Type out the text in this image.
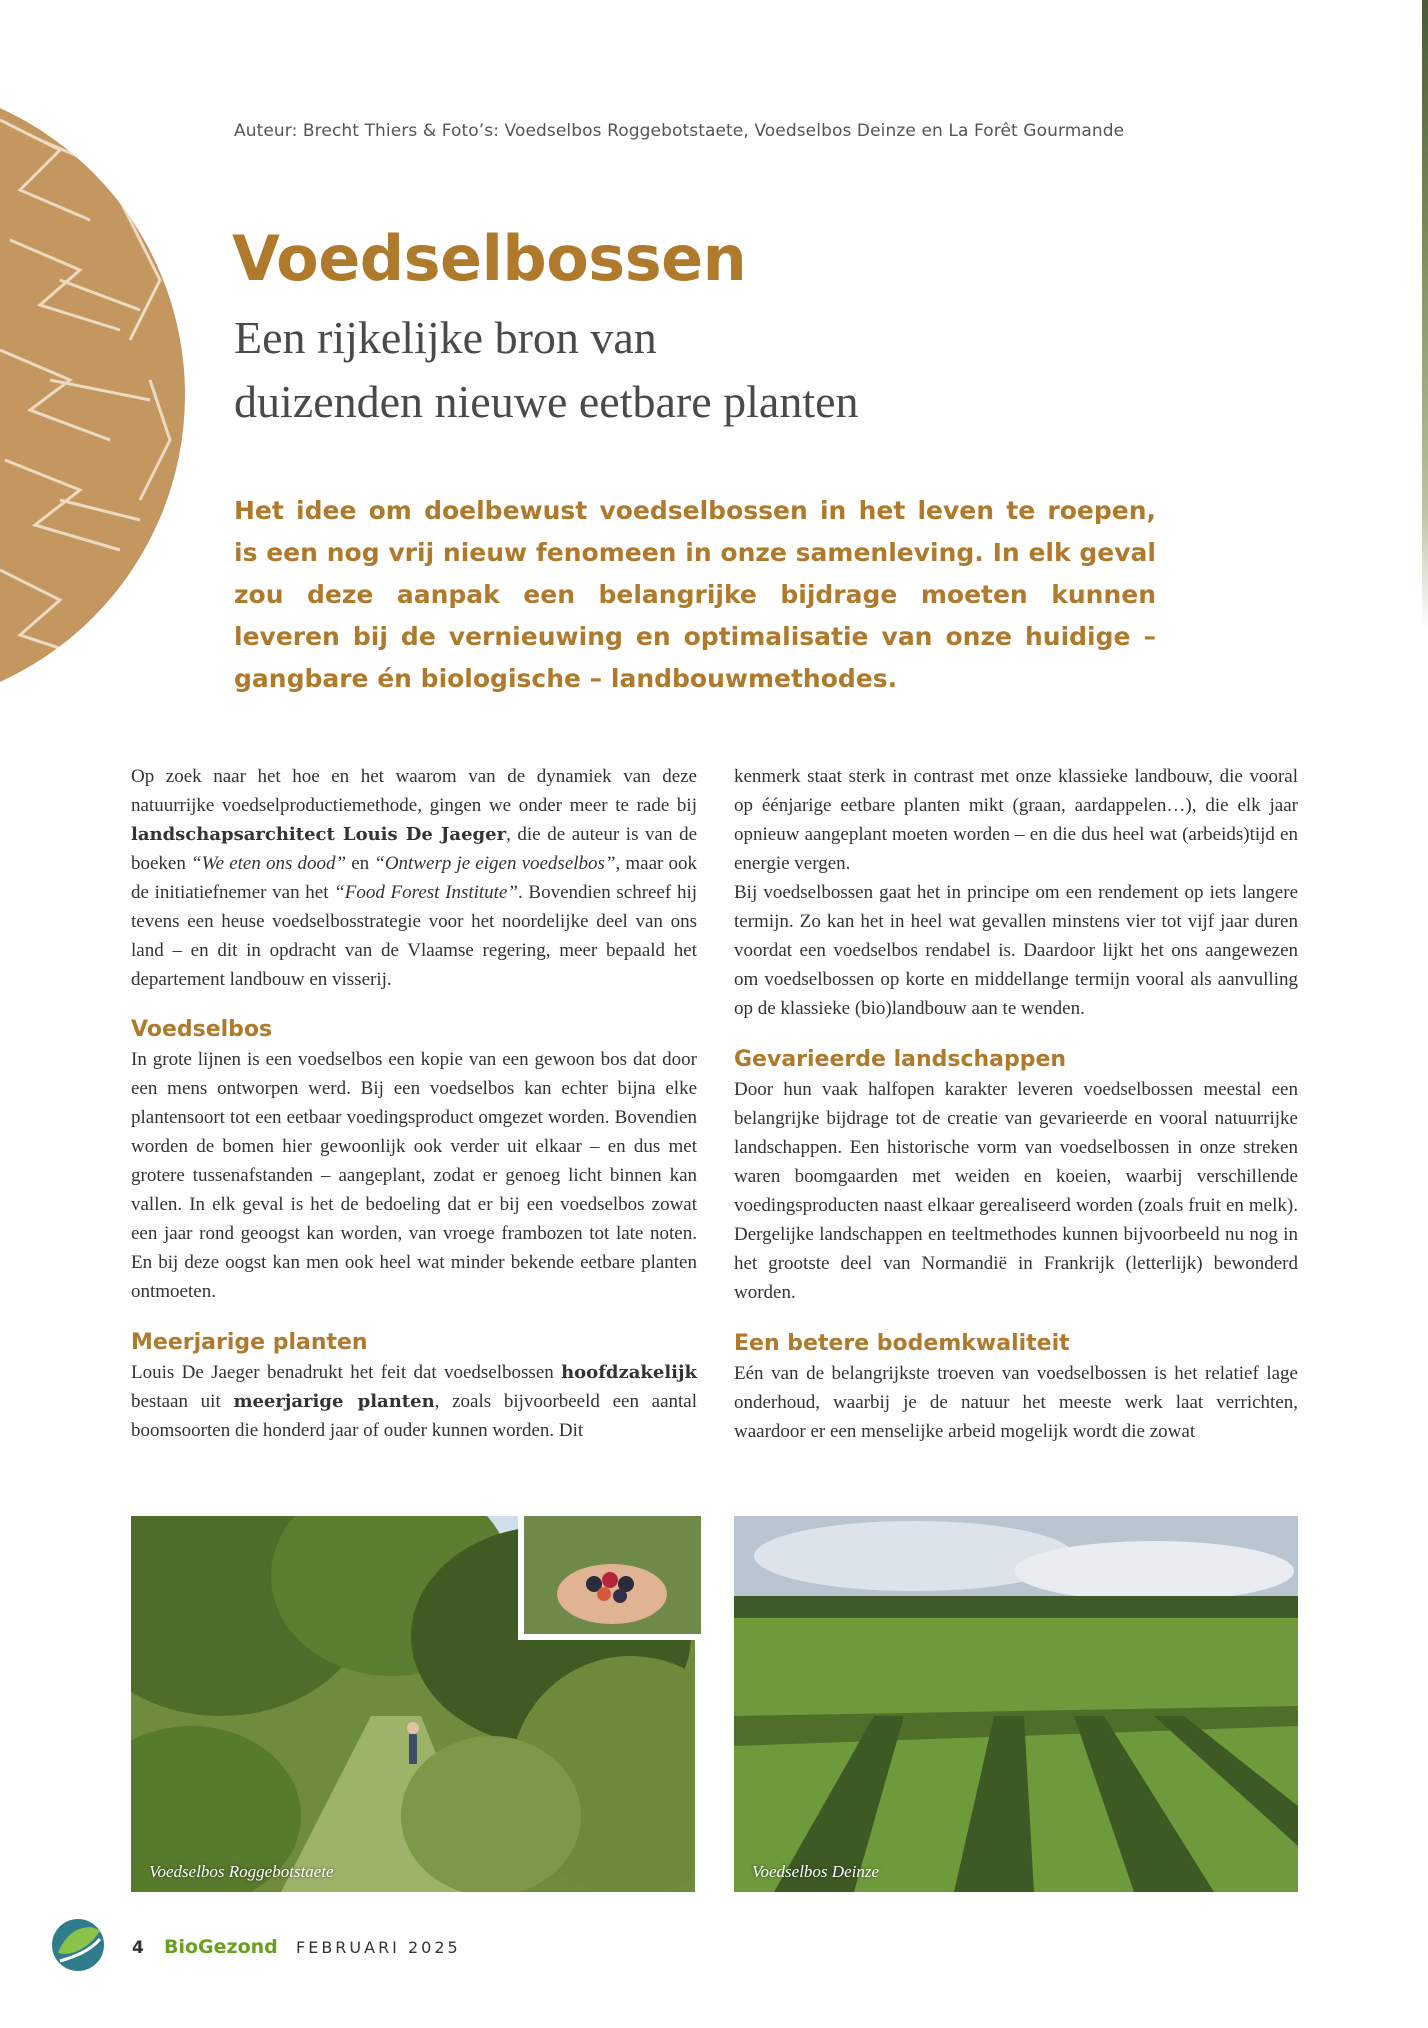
Auteur: Brecht Thiers & Foto’s: Voedselbos Roggebotstaete, Voedselbos Deinze en La Forêt Gourmande
Voedselbossen
Een rijkelijke bron van
duizenden nieuwe eetbare planten

Het idee om doelbewust voedselbossen in het leven te roepen, is een nog vrij nieuw fenomeen in onze samenleving. In elk geval zou deze aanpak een belangrijke bijdrage moeten kunnen leveren bij de vernieuwing en optimalisatie van onze huidige – gangbare én biologische – landbouwmethodes.

Op zoek naar het hoe en het waarom van de dynamiek van deze natuurrijke voedselproductiemethode, gingen we onder meer te rade bij landschapsarchitect Louis De Jaeger, die de auteur is van de boeken “We eten ons dood” en “Ontwerp je eigen voedselbos”, maar ook de initiatiefnemer van het “Food Forest Institute”. Bovendien schreef hij tevens een heuse voedselbosstrategie voor het noordelijke deel van ons land – en dit in opdracht van de Vlaamse regering, meer bepaald het departement landbouw en visserij.

Voedselbos

In grote lijnen is een voedselbos een kopie van een gewoon bos dat door een mens ontworpen werd. Bij een voedselbos kan echter bijna elke plantensoort tot een eetbaar voedingsproduct omgezet worden. Bovendien worden de bomen hier gewoonlijk ook verder uit elkaar – en dus met grotere tussenafstanden – aangeplant, zodat er genoeg licht binnen kan vallen. In elk geval is het de bedoeling dat er bij een voedselbos zowat een jaar rond geoogst kan worden, van vroege frambozen tot late noten. En bij deze oogst kan men ook heel wat minder bekende eetbare planten ontmoeten.

Meerjarige planten

Louis De Jaeger benadrukt het feit dat voedselbossen hoofdzakelijk bestaan uit meerjarige planten, zoals bijvoorbeeld een aantal boomsoorten die honderd jaar of ouder kunnen worden. Dit

kenmerk staat sterk in contrast met onze klassieke landbouw, die vooral op éénjarige eetbare planten mikt (graan, aardappelen…), die elk jaar opnieuw aangeplant moeten worden – en die dus heel wat (arbeids)tijd en energie vergen.

Bij voedselbossen gaat het in principe om een rendement op iets langere termijn. Zo kan het in heel wat gevallen minstens vier tot vijf jaar duren voordat een voedselbos rendabel is. Daardoor lijkt het ons aangewezen om voedselbossen op korte en middellange termijn vooral als aanvulling op de klassieke (bio)landbouw aan te wenden.

Gevarieerde landschappen

Door hun vaak halfopen karakter leveren voedselbossen meestal een belangrijke bijdrage tot de creatie van gevarieerde en vooral natuurrijke landschappen. Een historische vorm van voedselbossen in onze streken waren boomgaarden met weiden en koeien, waarbij verschillende voedingsproducten naast elkaar gerealiseerd worden (zoals fruit en melk). Dergelijke landschappen en teeltmethodes kunnen bijvoorbeeld nu nog in het grootste deel van Normandië in Frankrijk (letterlijk) bewonderd worden.

Een betere bodemkwaliteit

Eén van de belangrijkste troeven van voedselbossen is het relatief lage onderhoud, waarbij je de natuur het meeste werk laat verrichten, waardoor er een menselijke arbeid mogelijk wordt die zowat

Voedselbos Roggebotstaete	Voedselbos Deinze
4 BioGezond FEBRUARI 2025
